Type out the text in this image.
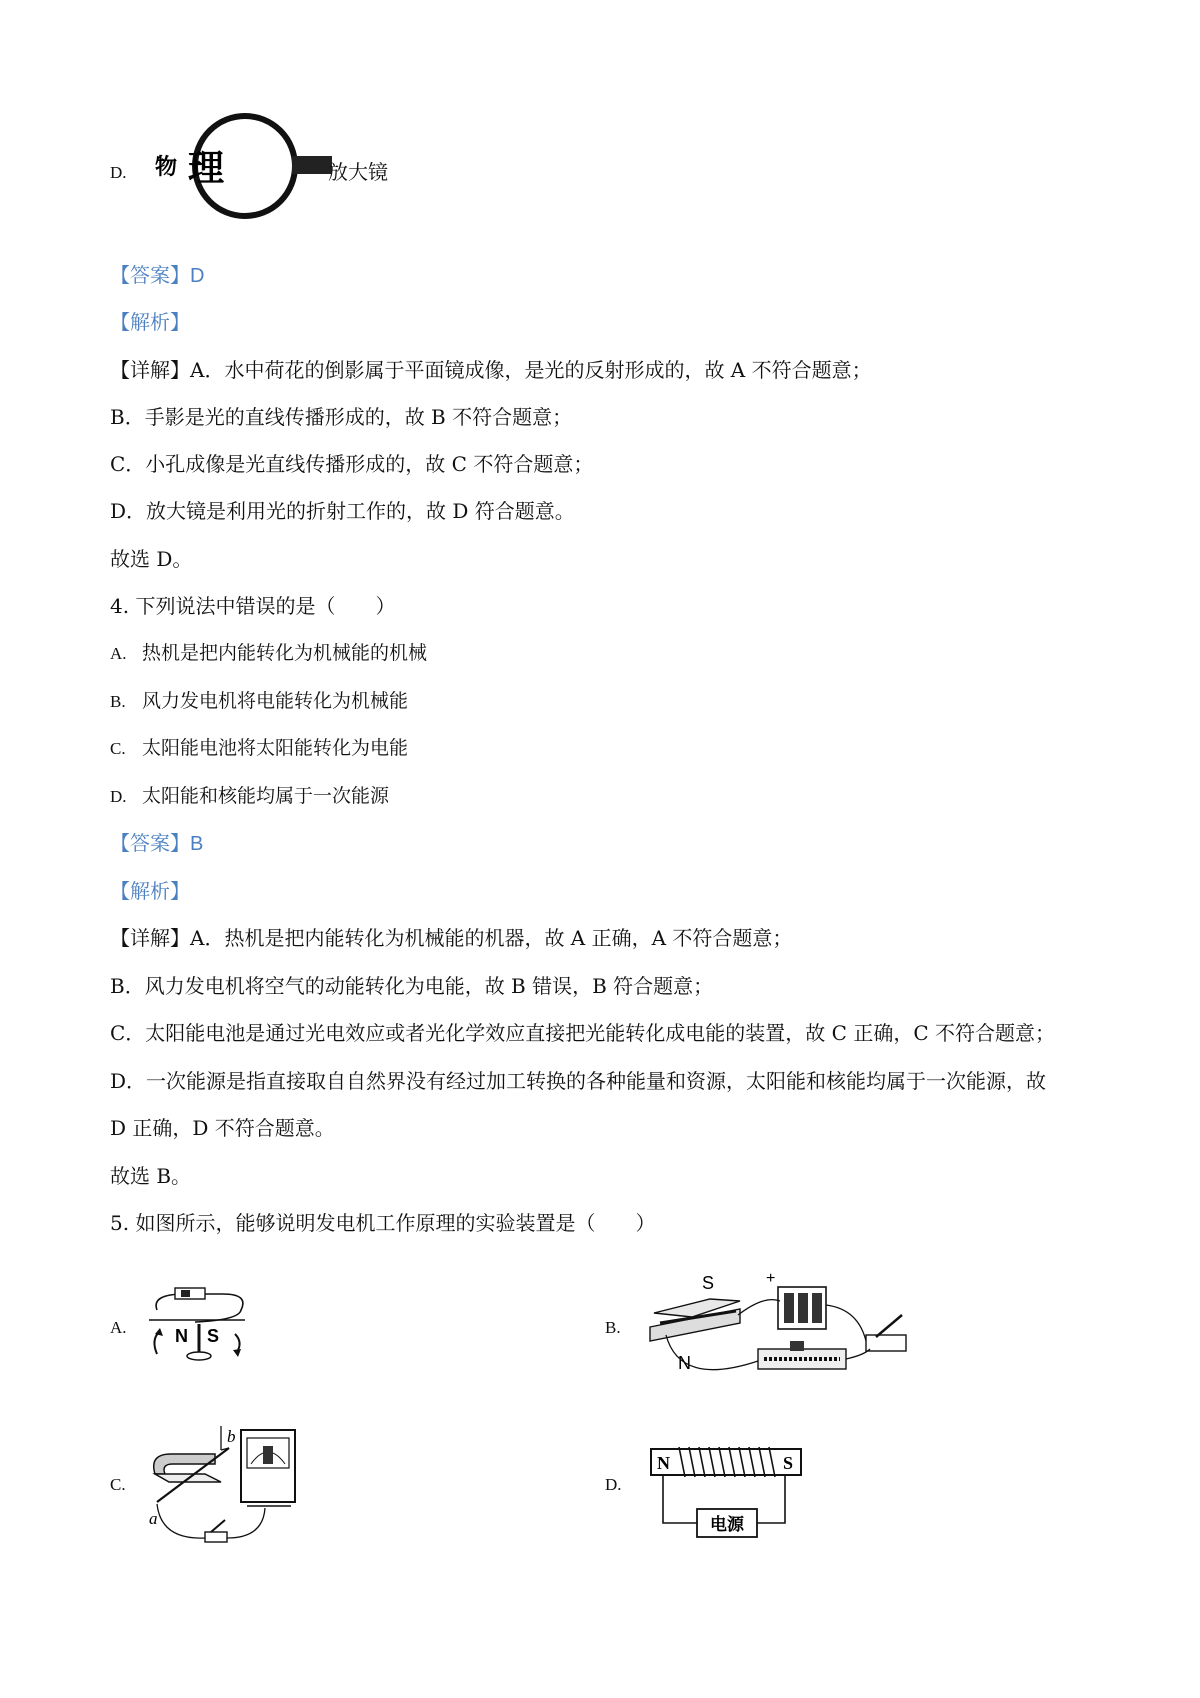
D.	物 理	放大镜
【答案】D
【解析】
【详解】A．水中荷花的倒影属于平面镜成像，是光的反射形成的，故 A 不符合题意；
B．手影是光的直线传播形成的，故 B 不符合题意；
C．小孔成像是光直线传播形成的，故 C 不符合题意；
D．放大镜是利用光的折射工作的，故 D 符合题意。
故选 D。
4. 下列说法中错误的是（　　）
A. 热机是把内能转化为机械能的机械
B. 风力发电机将电能转化为机械能
C. 太阳能电池将太阳能转化为电能
D. 太阳能和核能均属于一次能源
【答案】B
【解析】
【详解】A．热机是把内能转化为机械能的机器，故 A 正确，A 不符合题意；
B．风力发电机将空气的动能转化为电能，故 B 错误，B 符合题意；
C．太阳能电池是通过光电效应或者光化学效应直接把光能转化成电能的装置，故 C 正确，C 不符合题意；
D．一次能源是指直接取自自然界没有经过加工转换的各种能量和资源，太阳能和核能均属于一次能源，故
D 正确，D 不符合题意。
故选 B。
5. 如图所示，能够说明发电机工作原理的实验装置是（　　）
A.	N S	B.
S
N
+
C.
b
a
D.
N	S
电源
